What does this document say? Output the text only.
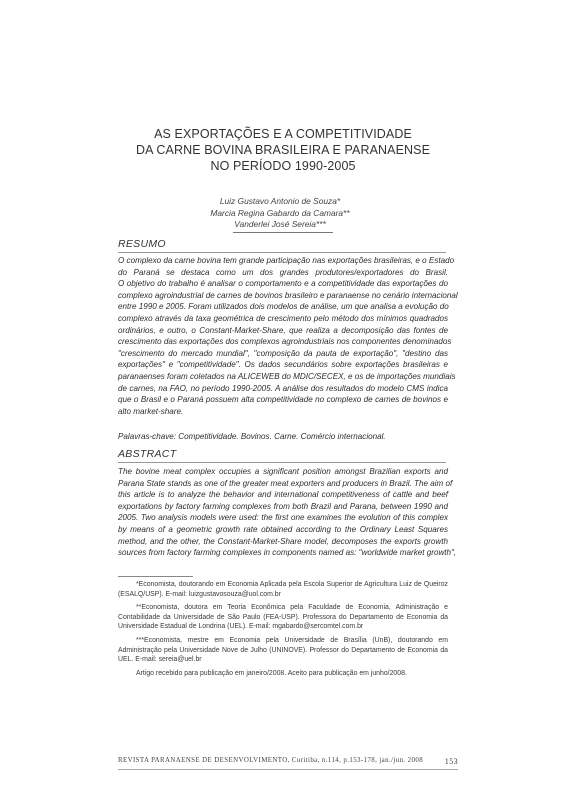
AS EXPORTAÇÕES E A COMPETITIVIDADE
DA CARNE BOVINA BRASILEIRA E PARANAENSE
NO PERÍODO 1990-2005
Luiz Gustavo Antonio de Souza*
Marcia Regina Gabardo da Camara**
Vanderlei José Sereia***
RESUMO
O complexo da carne bovina tem grande participação nas exportações brasileiras, e o Estado
do Paraná se destaca como um dos grandes produtores/exportadores do Brasil.
O objetivo do trabalho é analisar o comportamento e a competitividade das exportações do
complexo agroindustrial de carnes de bovinos brasileiro e paranaense no cenário internacional
entre 1990 e 2005. Foram utilizados dois modelos de análise, um que analisa a evolução do
complexo através da taxa geométrica de crescimento pelo método dos mínimos quadrados
ordinários, e outro, o Constant-Market-Share, que realiza a decomposição das fontes de
crescimento das exportações dos complexos agroindustriais nos componentes denominados
"crescimento do mercado mundial", "composição da pauta de exportação", "destino das
exportações" e "competitividade". Os dados secundários sobre exportações brasileiras e
paranaenses foram coletados na ALICEWEB do MDIC/SECEX, e os de importações mundiais
de carnes, na FAO, no período 1990-2005. A análise dos resultados do modelo CMS indica
que o Brasil e o Paraná possuem alta competitividade no complexo de carnes de bovinos e
alto market-share.
Palavras-chave: Competitividade. Bovinos. Carne. Comércio internacional.
ABSTRACT
The bovine meat complex occupies a significant position amongst Brazilian exports and
Parana State stands as one of the greater meat exporters and producers in Brazil. The aim of
this article is to analyze the behavior and international competitiveness of cattle and beef
exportations by factory farming complexes from both Brazil and Parana, between 1990 and
2005. Two analysis models were used: the first one examines the evolution of this complex
by means of a geometric growth rate obtained according to the Ordinary Least Squares
method, and the other, the Constant-Market-Share model, decomposes the exports growth
sources from factory farming complexes in components named as: "worldwide market growth",
*Economista, doutorando em Economia Aplicada pela Escola Superior de Agricultura Luiz de Queiroz (ESALQ/USP). E-mail: luizgustavosouza@uol.com.br
**Economista, doutora em Teoria Econômica pela Faculdade de Economia, Administração e Contabilidade da Universidade de São Paulo (FEA-USP). Professora do Departamento de Economia da Universidade Estadual de Londrina (UEL). E-mail: mgabardo@sercomtel.com.br
***Economista, mestre em Economia pela Universidade de Brasília (UnB), doutorando em Administração pela Universidade Nove de Julho (UNINOVE). Professor do Departamento de Economia da UEL. E-mail: sereia@uel.br
Artigo recebido para publicação em janeiro/2008. Aceito para publicação em junho/2008.
REVISTA PARANAENSE DE DESENVOLVIMENTO, Curitiba, n.114, p.153-178, jan./jun. 2008	153
